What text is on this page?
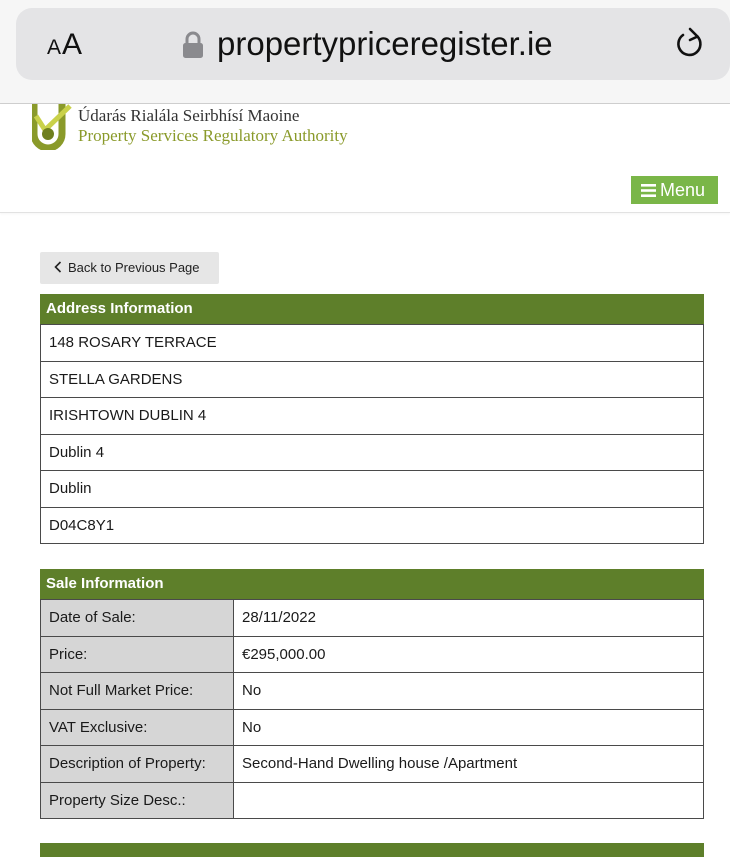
AA	propertypriceregister.ie
Údarás Rialála Seirbhísí Maoine
Property Services Regulatory Authority
Menu
Back to Previous Page
Address Information
148 ROSARY TERRACE
STELLA GARDENS
IRISHTOWN DUBLIN 4
Dublin 4
Dublin
D04C8Y1
Sale Information
Date of Sale:	28/11/2022
Price:	€295,000.00
Not Full Market Price:	No
VAT Exclusive:	No
Description of Property:	Second-Hand Dwelling house /Apartment
Property Size Desc.:	
